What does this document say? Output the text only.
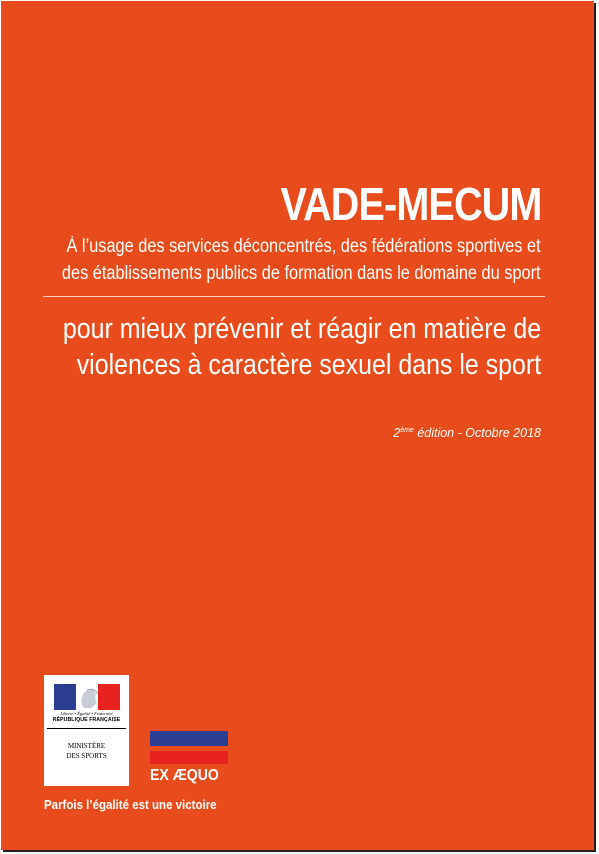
VADE-MECUM
À l’usage des services déconcentrés, des fédérations sportives et
des établissements publics de formation dans le domaine du sport
pour mieux prévenir et réagir en matière de
violences à caractère sexuel dans le sport
2ème édition - Octobre 2018
Liberté • Égalité • Fraternité
RÉPUBLIQUE FRANÇAISE
MINISTÈRE
DES SPORTS
EX ÆQUO
Parfois l’égalité est une victoire
